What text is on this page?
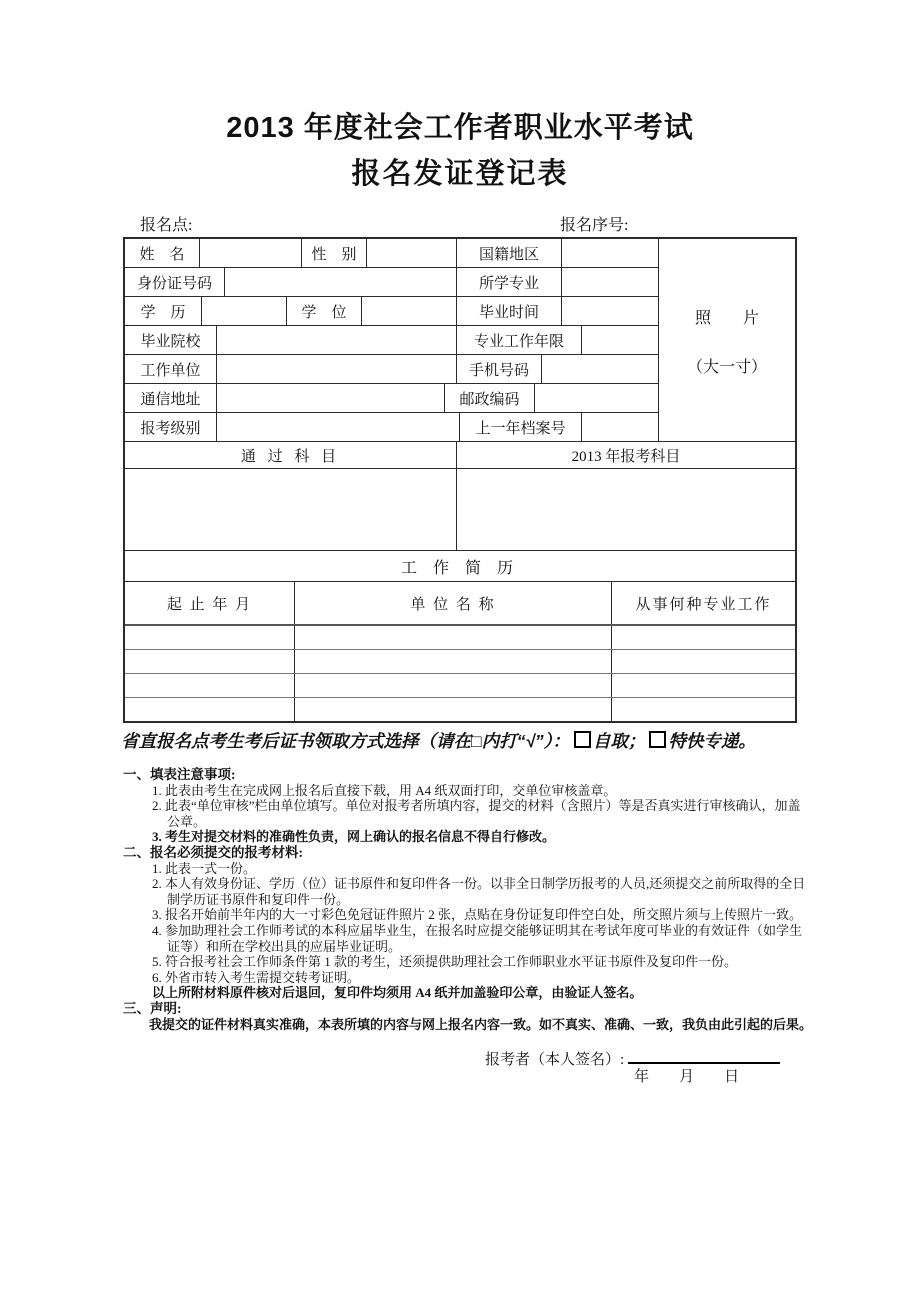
2013 年度社会工作者职业水平考试
报名发证登记表
报名点:	报名序号:
姓　名	性　别	国籍地区
身份证号码	所学专业
学　历	学　位	毕业时间
毕业院校	专业工作年限
工作单位	手机号码
通信地址	邮政编码
报考级别	上一年档案号
照　　片
（大一寸）
通 过 科 目	2013 年报考科目
工 作 简 历
起 止 年 月	单 位 名 称	从事何种专业工作
省直报名点考生考后证书领取方式选择（请在□内打“√”）： 自取； 特快专递。
一、填表注意事项:
1. 此表由考生在完成网上报名后直接下载，用 A4 纸双面打印，交单位审核盖章。
2. 此表“单位审核”栏由单位填写。单位对报考者所填内容，提交的材料（含照片）等是否真实进行审核确认，加盖公章。
3. 考生对提交材料的准确性负责，网上确认的报名信息不得自行修改。
二、报名必须提交的报考材料:
1. 此表一式一份。
2. 本人有效身份证、学历（位）证书原件和复印件各一份。以非全日制学历报考的人员,还须提交之前所取得的全日制学历证书原件和复印件一份。
3. 报名开始前半年内的大一寸彩色免冠证件照片 2 张，点贴在身份证复印件空白处，所交照片须与上传照片一致。
4. 参加助理社会工作师考试的本科应届毕业生，在报名时应提交能够证明其在考试年度可毕业的有效证件（如学生证等）和所在学校出具的应届毕业证明。
5. 符合报考社会工作师条件第 1 款的考生，还须提供助理社会工作师职业水平证书原件及复印件一份。
6. 外省市转入考生需提交转考证明。
以上所附材料原件核对后退回，复印件均须用 A4 纸并加盖验印公章，由验证人签名。
三、声明:
我提交的证件材料真实准确，本表所填的内容与网上报名内容一致。如不真实、准确、一致，我负由此引起的后果。
报考者（本人签名）:
年　　月　　日
